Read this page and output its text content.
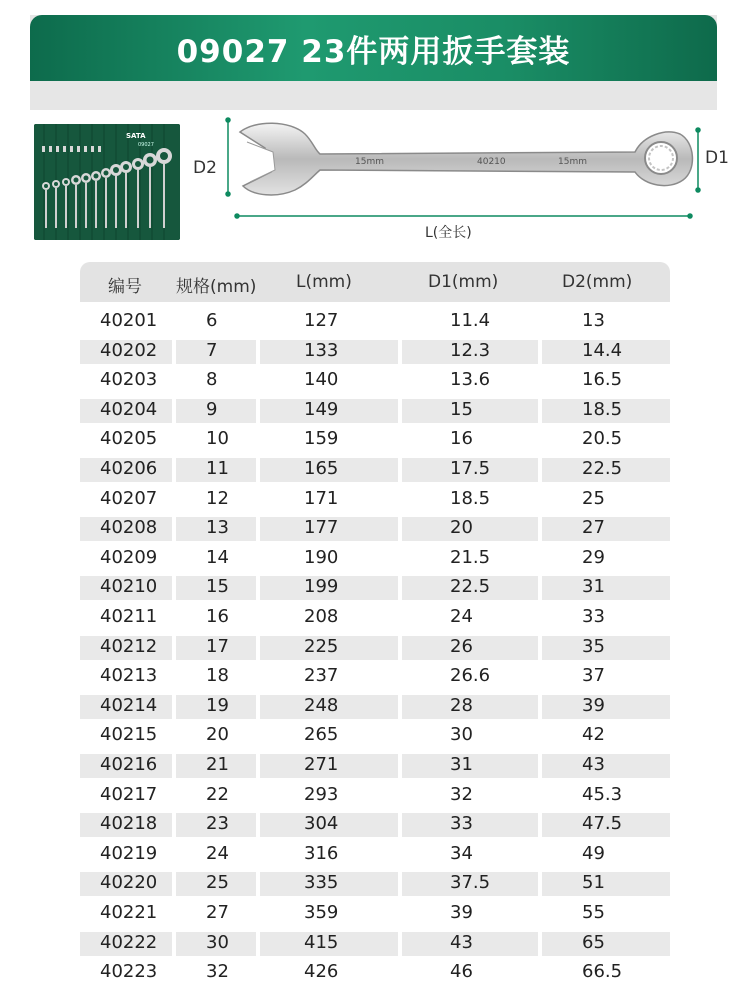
09027 23件两用扳手套装
SATA
09027
15mm	40210	15mm
D2	D1
L(全长)
编号 规格(mm) L(mm)	D1(mm)	D2(mm)
40201	6	127	11.4	13
40202	7	133	12.3	14.4
40203	8	140	13.6	16.5
40204	9	149	15	18.5
40205	10	159	16	20.5
40206	11	165	17.5	22.5
40207	12	171	18.5	25
40208	13	177	20	27
40209	14	190	21.5	29
40210	15	199	22.5	31
40211	16	208	24	33
40212	17	225	26	35
40213	18	237	26.6	37
40214	19	248	28	39
40215	20	265	30	42
40216	21	271	31	43
40217	22	293	32	45.3
40218	23	304	33	47.5
40219	24	316	34	49
40220	25	335	37.5	51
40221	27	359	39	55
40222	30	415	43	65
40223	32	426	46	66.5
